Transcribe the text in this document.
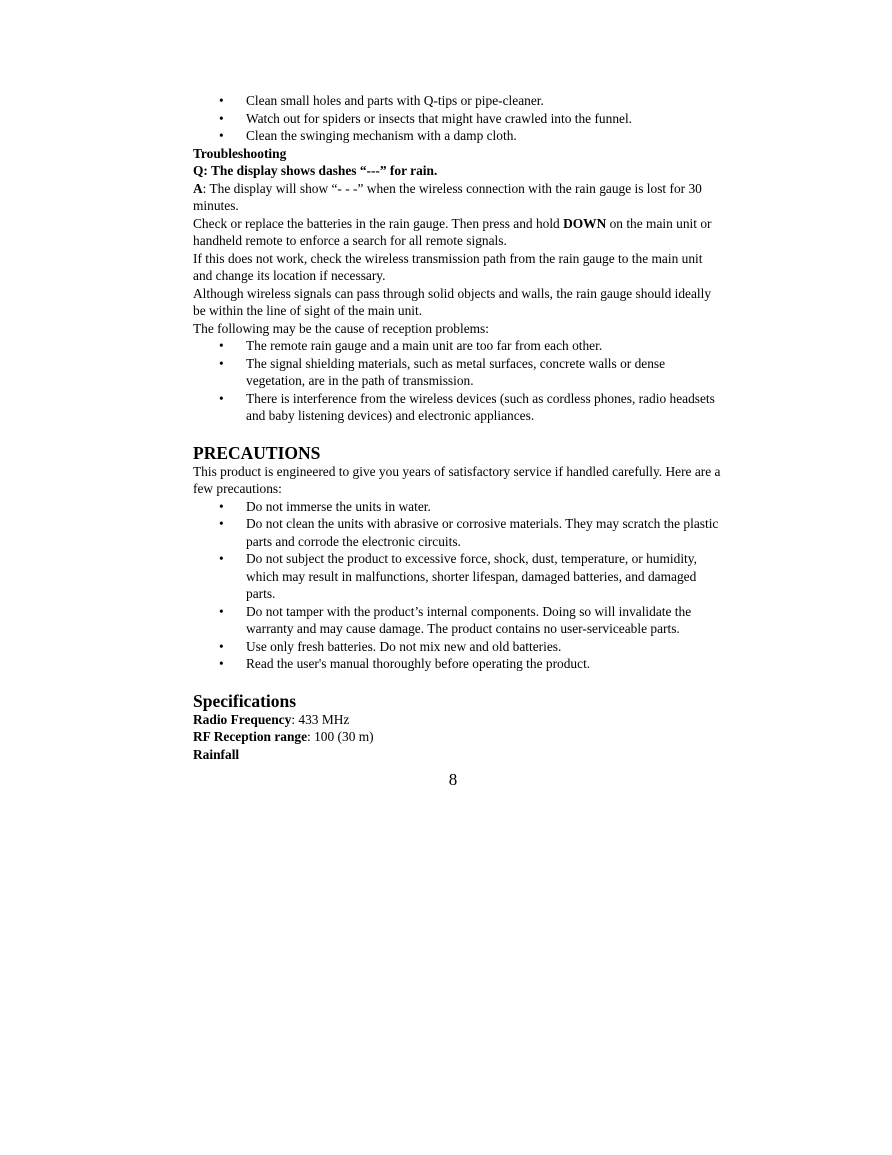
• Clean small holes and parts with Q-tips or pipe-cleaner.
• Watch out for spiders or insects that might have crawled into the funnel.
• Clean the swinging mechanism with a damp cloth.

Troubleshooting

Q: The display shows dashes “---” for rain.

A: The display will show “- - -” when the wireless connection with the rain gauge is lost for 30 minutes.

Check or replace the batteries in the rain gauge. Then press and hold DOWN on the main unit or handheld remote to enforce a search for all remote signals.

If this does not work, check the wireless transmission path from the rain gauge to the main unit and change its location if necessary.

Although wireless signals can pass through solid objects and walls, the rain gauge should ideally be within the line of sight of the main unit.

The following may be the cause of reception problems:

• The remote rain gauge and a main unit are too far from each other.
• The signal shielding materials, such as metal surfaces, concrete walls or dense vegetation, are in the path of transmission.
• There is interference from the wireless devices (such as cordless phones, radio headsets and baby listening devices) and electronic appliances.

PRECAUTIONS

This product is engineered to give you years of satisfactory service if handled carefully. Here are a few precautions:

• Do not immerse the units in water.
• Do not clean the units with abrasive or corrosive materials. They may scratch the plastic parts and corrode the electronic circuits.
• Do not subject the product to excessive force, shock, dust, temperature, or humidity, which may result in malfunctions, shorter lifespan, damaged batteries, and damaged parts.
• Do not tamper with the product’s internal components. Doing so will invalidate the warranty and may cause damage. The product contains no user-serviceable parts.
• Use only fresh batteries. Do not mix new and old batteries.
• Read the user's manual thoroughly before operating the product.

Specifications

Radio Frequency: 433 MHz

RF Reception range: 100 (30 m)

Rainfall

8
